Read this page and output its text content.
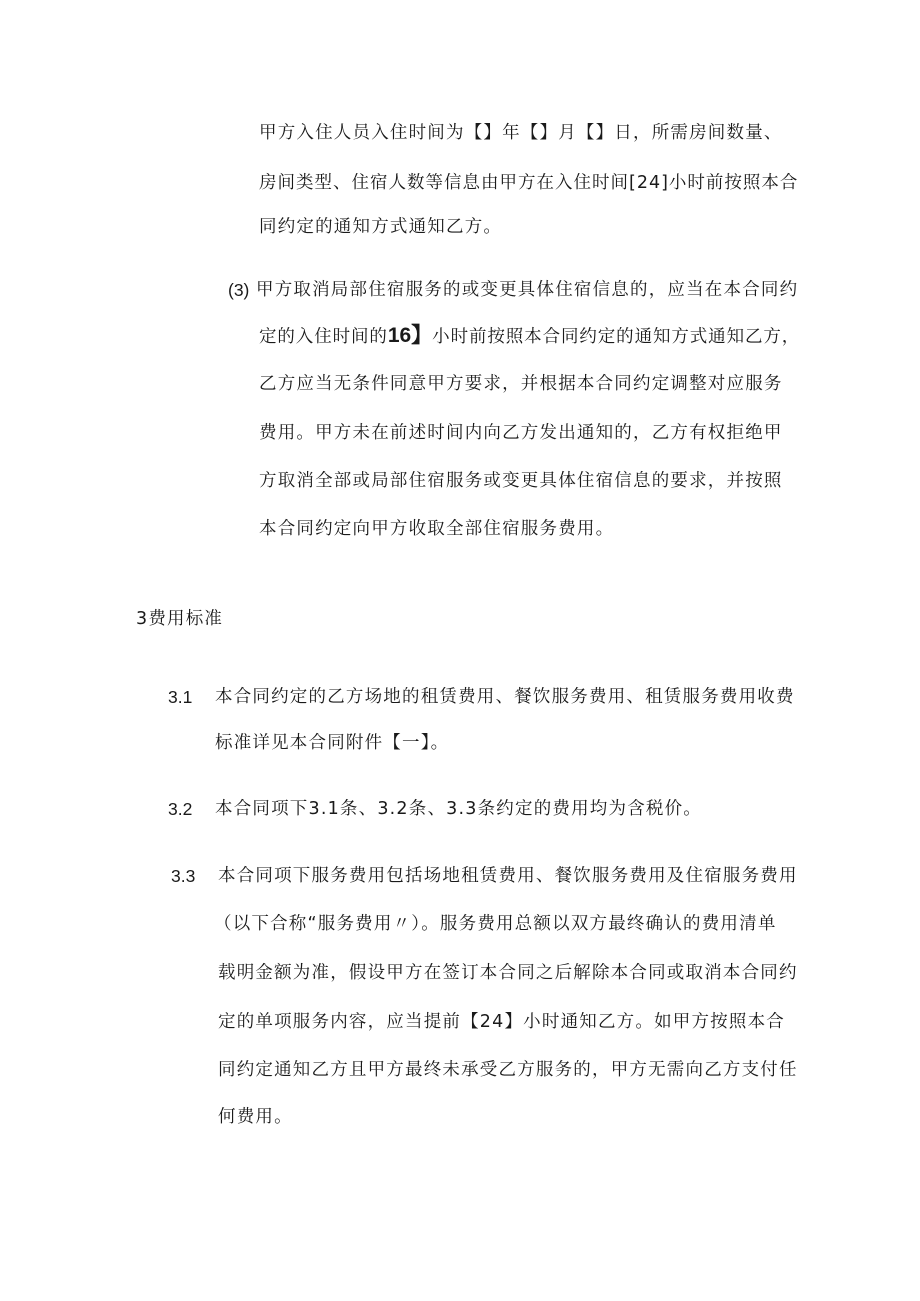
甲方入住人员入住时间为【】年【】月【】日，所需房间数量、
房间类型、住宿人数等信息由甲方在入住时间[24]小时前按照本合
同约定的通知方式通知乙方。
(3) 甲方取消局部住宿服务的或变更具体住宿信息的，应当在本合同约
定的入住时间的16】小时前按照本合同约定的通知方式通知乙方，
乙方应当无条件同意甲方要求，并根据本合同约定调整对应服务
费用。甲方未在前述时间内向乙方发出通知的，乙方有权拒绝甲
方取消全部或局部住宿服务或变更具体住宿信息的要求，并按照
本合同约定向甲方收取全部住宿服务费用。
3费用标准
3.1 本合同约定的乙方场地的租赁费用、餐饮服务费用、租赁服务费用收费
标准详见本合同附件【一】。
3.2 本合同项下3.1条、3.2条、3.3条约定的费用均为含税价。
3.3 本合同项下服务费用包括场地租赁费用、餐饮服务费用及住宿服务费用
（以下合称“服务费用〃）。服务费用总额以双方最终确认的费用清单
载明金额为准，假设甲方在签订本合同之后解除本合同或取消本合同约
定的单项服务内容，应当提前【24】小时通知乙方。如甲方按照本合
同约定通知乙方且甲方最终未承受乙方服务的，甲方无需向乙方支付任
何费用。
